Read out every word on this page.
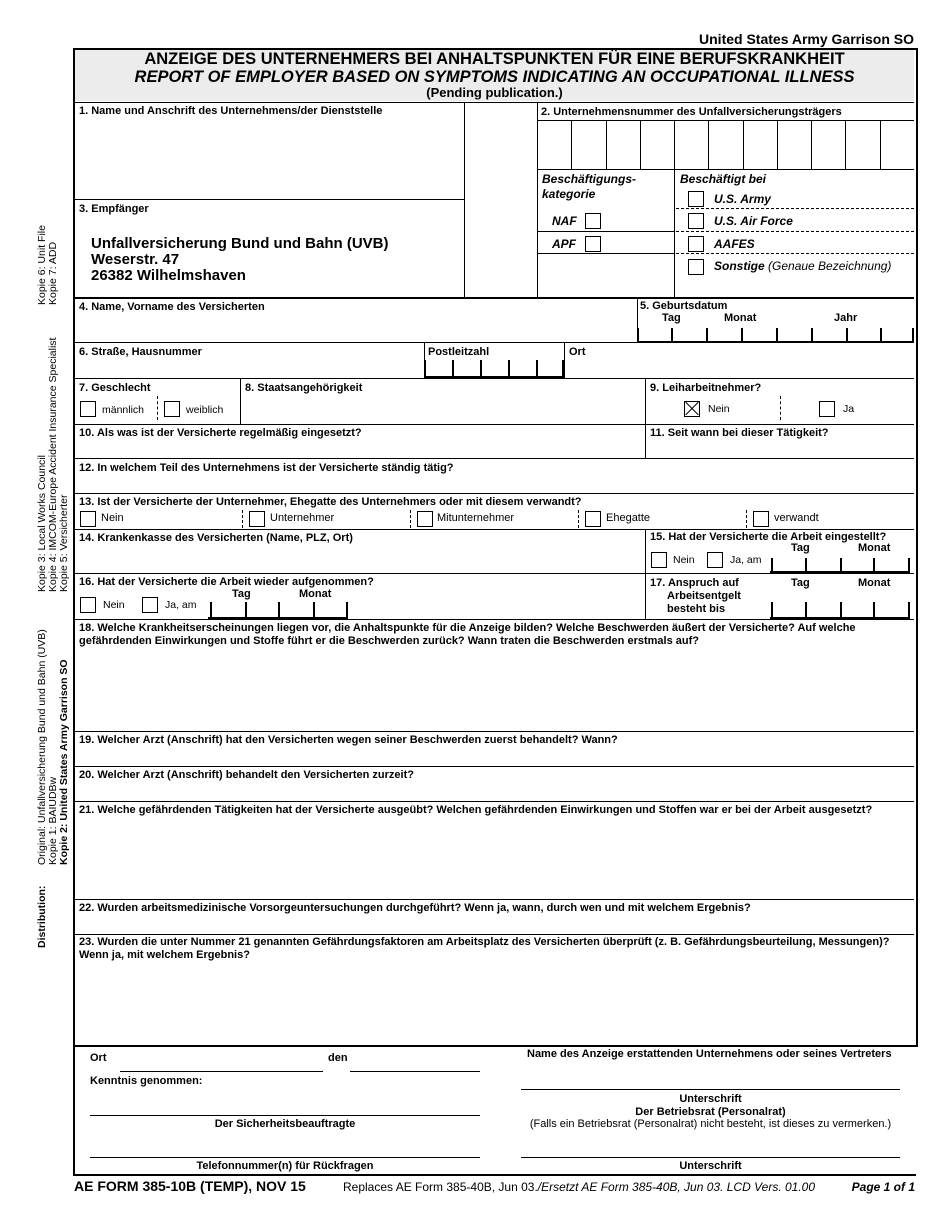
United States Army Garrison SO
ANZEIGE DES UNTERNEHMERS BEI ANHALTSPUNKTEN FÜR EINE BERUFSKRANKHEIT
REPORT OF EMPLOYER BASED ON SYMPTOMS INDICATING AN OCCUPATIONAL ILLNESS
(Pending publication.)
Distribution:
Original: Unfallversicherung Bund und Bahn (UVB) Kopie 1: BAIUDBw Kopie 2: United States Army Garrison SO
Kopie 3: Local Works Council Kopie 4: IMCOM-Europe Accident Insurance Specialist Kopie 5: Versicherter
Kopie 6: Unit File Kopie 7: ADD
1. Name und Anschrift des Unternehmens/der Dienststelle	2. Unternehmensnummer des Unfallversicherungsträgers
3. Empfänger
Unfallversicherung Bund und Bahn (UVB)
Weserstr. 47
26382 Wilhelmshaven
Beschäftigungs-
kategorie
NAF
APF
Beschäftigt bei
U.S. Army
U.S. Air Force
AAFES
Sonstige (Genaue Bezeichnung)
4. Name, Vorname des Versicherten	5. Geburtsdatum
Tag	Monat	Jahr
6. Straße, Hausnummer	Postleitzahl	Ort
7. Geschlecht
männlich	weiblich
8. Staatsangehörigkeit	9. Leiharbeitnehmer?
Nein	Ja
10. Als was ist der Versicherte regelmäßig eingesetzt?	11. Seit wann bei dieser Tätigkeit?
12. In welchem Teil des Unternehmens ist der Versicherte ständig tätig?
13. Ist der Versicherte der Unternehmer, Ehegatte des Unternehmers oder mit diesem verwandt?
Nein	Unternehmer	Mitunternehmer	Ehegatte	verwandt
14. Krankenkasse des Versicherten (Name, PLZ, Ort)	15. Hat der Versicherte die Arbeit eingestellt?
Tag	Monat
Nein	Ja, am
16. Hat der Versicherte die Arbeit wieder aufgenommen?
Tag	Monat
Nein	Ja, am
17. Anspruch auf
Arbeitsentgelt
besteht bis
Tag	Monat
18. Welche Krankheitserscheinungen liegen vor, die Anhaltspunkte für die Anzeige bilden? Welche Beschwerden äußert der Versicherte? Auf welche
gefährdenden Einwirkungen und Stoffe führt er die Beschwerden zurück? Wann traten die Beschwerden erstmals auf?
19. Welcher Arzt (Anschrift) hat den Versicherten wegen seiner Beschwerden zuerst behandelt? Wann?
20. Welcher Arzt (Anschrift) behandelt den Versicherten zurzeit?
21. Welche gefährdenden Tätigkeiten hat der Versicherte ausgeübt? Welchen gefährdenden Einwirkungen und Stoffen war er bei der Arbeit ausgesetzt?
22. Wurden arbeitsmedizinische Vorsorgeuntersuchungen durchgeführt? Wenn ja, wann, durch wen und mit welchem Ergebnis?
23. Wurden die unter Nummer 21 genannten Gefährdungsfaktoren am Arbeitsplatz des Versicherten überprüft (z. B. Gefährdungsbeurteilung, Messungen)?
Wenn ja, mit welchem Ergebnis?
Ort	den	Name des Anzeige erstattenden Unternehmens oder seines Vertreters
Kenntnis genommen:
Unterschrift
Der Betriebsrat (Personalrat)
(Falls ein Betriebsrat (Personalrat) nicht besteht, ist dieses zu vermerken.)
Der Sicherheitsbeauftragte
Telefonnummer(n) für Rückfragen	Unterschrift
AE FORM 385-10B (TEMP), NOV 15	Replaces AE Form 385-40B, Jun 03./Ersetzt AE Form 385-40B, Jun 03. LCD Vers. 01.00	Page 1 of 1
